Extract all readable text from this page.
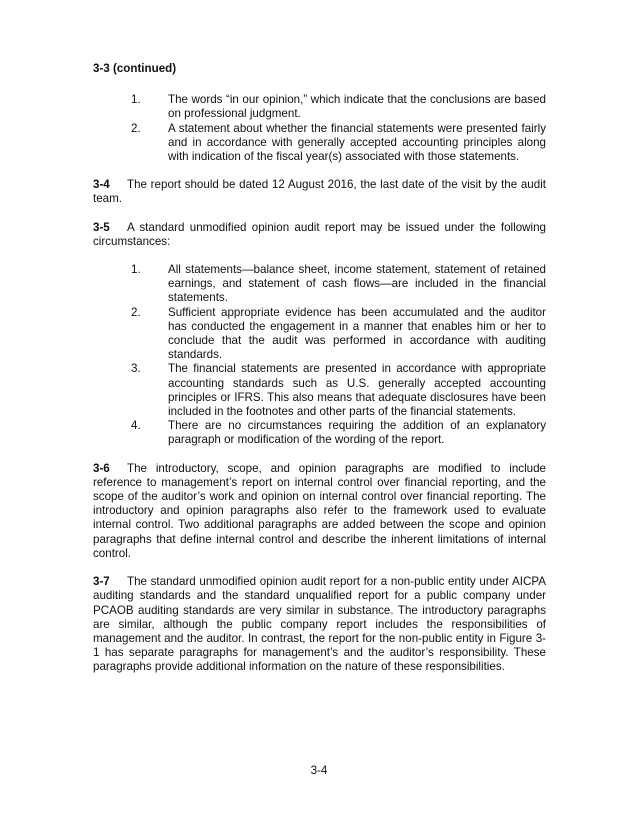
3-3 (continued)
1. The words “in our opinion,” which indicate that the conclusions are based on professional judgment.
2. A statement about whether the financial statements were presented fairly and in accordance with generally accepted accounting principles along with indication of the fiscal year(s) associated with those statements.

3-4 The report should be dated 12 August 2016, the last date of the visit by the audit team.

3-5 A standard unmodified opinion audit report may be issued under the following circumstances:

1. All statements—balance sheet, income statement, statement of retained earnings, and statement of cash flows—are included in the financial statements.
2. Sufficient appropriate evidence has been accumulated and the auditor has conducted the engagement in a manner that enables him or her to conclude that the audit was performed in accordance with auditing standards.
3. The financial statements are presented in accordance with appropriate accounting standards such as U.S. generally accepted accounting principles or IFRS. This also means that adequate disclosures have been included in the footnotes and other parts of the financial statements.
4. There are no circumstances requiring the addition of an explanatory paragraph or modification of the wording of the report.

3-6 The introductory, scope, and opinion paragraphs are modified to include reference to management’s report on internal control over financial reporting, and the scope of the auditor’s work and opinion on internal control over financial reporting. The introductory and opinion paragraphs also refer to the framework used to evaluate internal control. Two additional paragraphs are added between the scope and opinion paragraphs that define internal control and describe the inherent limitations of internal control.

3-7 The standard unmodified opinion audit report for a non-public entity under AICPA auditing standards and the standard unqualified report for a public company under PCAOB auditing standards are very similar in substance. The introductory paragraphs are similar, although the public company report includes the responsibilities of management and the auditor. In contrast, the report for the non-public entity in Figure 3-1 has separate paragraphs for management’s and the auditor’s responsibility. These paragraphs provide additional information on the nature of these responsibilities.

3-4
